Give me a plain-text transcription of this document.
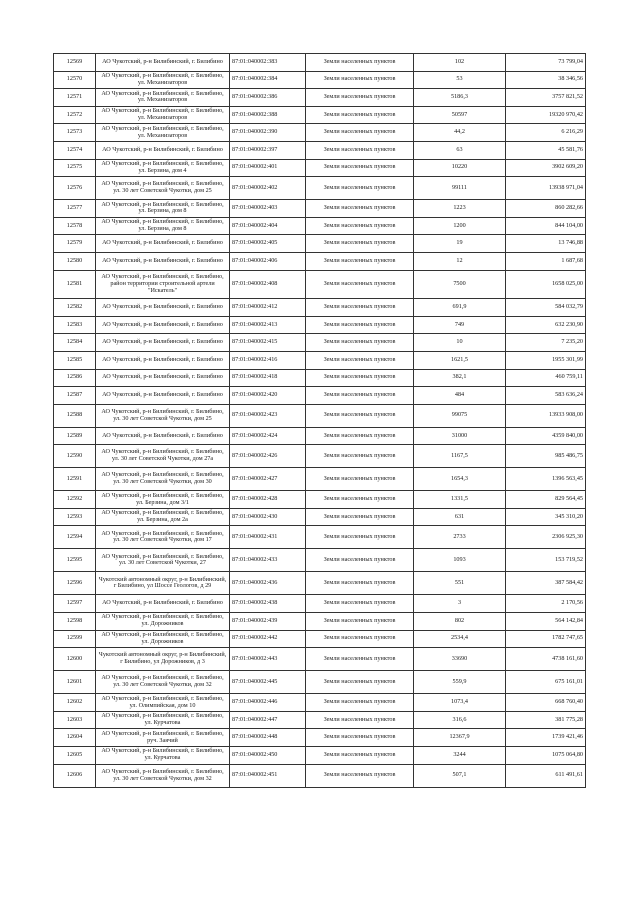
12569	АО Чукотский, р-н Билибинский, г. Билибино	87:01:040002:383	Земли населенных пунктов	102	73 799,04
12570	АО Чукотский, р-н Билибинский, г. Билибино, ул. Механизаторов	87:01:040002:384	Земли населенных пунктов	53	38 346,56
12571	АО Чукотский, р-н Билибинский, г. Билибино, ул. Механизаторов	87:01:040002:386	Земли населенных пунктов	5186,3	3757 821,52
12572	АО Чукотский, р-н Билибинский, г. Билибино, ул. Механизаторов	87:01:040002:388	Земли населенных пунктов	50597	19320 970,42
12573	АО Чукотский, р-н Билибинский, г. Билибино, ул. Механизаторов	87:01:040002:390	Земли населенных пунктов	44,2	6 216,29
12574	АО Чукотский, р-н Билибинский, г. Билибино	87:01:040002:397	Земли населенных пунктов	63	45 581,76
12575	АО Чукотский, р-н Билибинский, г. Билибино, ул. Берзина, дом 4	87:01:040002:401	Земли населенных пунктов	10220	3902 609,20
12576	АО Чукотский, р-н Билибинский, г. Билибино, ул. 30 лет Советской Чукотки, дом 25	87:01:040002:402	Земли населенных пунктов	99111	13938 971,04
12577	АО Чукотский, р-н Билибинский, г. Билибино, ул. Берзина, дом 8	87:01:040002:403	Земли населенных пунктов	1223	860 282,66
12578	АО Чукотский, р-н Билибинский, г. Билибино, ул. Берзина, дом 8	87:01:040002:404	Земли населенных пунктов	1200	844 104,00
12579	АО Чукотский, р-н Билибинский, г. Билибино	87:01:040002:405	Земли населенных пунктов	19	13 746,88
12580	АО Чукотский, р-н Билибинский, г. Билибино	87:01:040002:406	Земли населенных пунктов	12	1 687,68
12581	АО Чукотский, р-н Билибинский, г. Билибино, район территории строительной артели "Искатель"	87:01:040002:408	Земли населенных пунктов	7500	1658 025,00
12582	АО Чукотский, р-н Билибинский, г. Билибино	87:01:040002:412	Земли населенных пунктов	691,9	584 032,79
12583	АО Чукотский, р-н Билибинский, г. Билибино	87:01:040002:413	Земли населенных пунктов	749	632 230,90
12584	АО Чукотский, р-н Билибинский, г. Билибино	87:01:040002:415	Земли населенных пунктов	10	7 235,20
12585	АО Чукотский, р-н Билибинский, г. Билибино	87:01:040002:416	Земли населенных пунктов	1621,5	1955 301,99
12586	АО Чукотский, р-н Билибинский, г. Билибино	87:01:040002:418	Земли населенных пунктов	382,1	460 759,11
12587	АО Чукотский, р-н Билибинский, г. Билибино	87:01:040002:420	Земли населенных пунктов	484	583 636,24
12588	АО Чукотский, р-н Билибинский, г. Билибино, ул. 30 лет Советской Чукотки, дом 25	87:01:040002:423	Земли населенных пунктов	99075	13933 908,00
12589	АО Чукотский, р-н Билибинский, г. Билибино	87:01:040002:424	Земли населенных пунктов	31000	4359 840,00
12590	АО Чукотский, р-н Билибинский, г. Билибино, ул. 30 лет Советской Чукотки, дом 27а	87:01:040002:426	Земли населенных пунктов	1167,5	985 486,75
12591	АО Чукотский, р-н Билибинский, г. Билибино, ул. 30 лет Советской Чукотки, дом 30	87:01:040002:427	Земли населенных пунктов	1654,3	1396 563,45
12592	АО Чукотский, р-н Билибинский, г. Билибино, ул. Берзина, дом 3/1	87:01:040002:428	Земли населенных пунктов	1331,5	829 564,45
12593	АО Чукотский, р-н Билибинский, г. Билибино, ул. Берзина, дом 2а	87:01:040002:430	Земли населенных пунктов	631	345 310,20
12594	АО Чукотский, р-н Билибинский, г. Билибино, ул. 30 лет Советской Чукотки, дом 17	87:01:040002:431	Земли населенных пунктов	2733	2306 925,30
12595	АО Чукотский, р-н Билибинский, г. Билибино, ул. 30 лет Советской Чукотки, 27	87:01:040002:433	Земли населенных пунктов	1093	153 719,52
12596	Чукотский автономный округ, р-н Билибинский, г Билибино, ул Шоссе Геологов, д 29	87:01:040002:436	Земли населенных пунктов	551	387 584,42
12597	АО Чукотский, р-н Билибинский, г. Билибино	87:01:040002:438	Земли населенных пунктов	3	2 170,56
12598	АО Чукотский, р-н Билибинский, г. Билибино, ул. Дорожников	87:01:040002:439	Земли населенных пунктов	802	564 142,84
12599	АО Чукотский, р-н Билибинский, г. Билибино, ул. Дорожников	87:01:040002:442	Земли населенных пунктов	2534,4	1782 747,65
12600	Чукотский автономный округ, р-н Билибинский, г Билибино, ул Дорожников, д 3	87:01:040002:443	Земли населенных пунктов	33690	4738 161,60
12601	АО Чукотский, р-н Билибинский, г. Билибино, ул. 30 лет Советской Чукотки, дом 32	87:01:040002:445	Земли населенных пунктов	559,9	675 161,01
12602	АО Чукотский, р-н Билибинский, г. Билибино, ул. Олимпийская, дом 10	87:01:040002:446	Земли населенных пунктов	1073,4	668 760,40
12603	АО Чукотский, р-н Билибинский, г. Билибино, ул. Курчатова	87:01:040002:447	Земли населенных пунктов	316,6	381 775,28
12604	АО Чукотский, р-н Билибинский, г. Билибино, руч. Заячий	87:01:040002:448	Земли населенных пунктов	12367,9	1739 421,46
12605	АО Чукотский, р-н Билибинский, г. Билибино, ул. Курчатова	87:01:040002:450	Земли населенных пунктов	3244	1075 064,80
12606	АО Чукотский, р-н Билибинский, г. Билибино, ул. 30 лет Советской Чукотки, дом 32	87:01:040002:451	Земли населенных пунктов	507,1	611 491,61
